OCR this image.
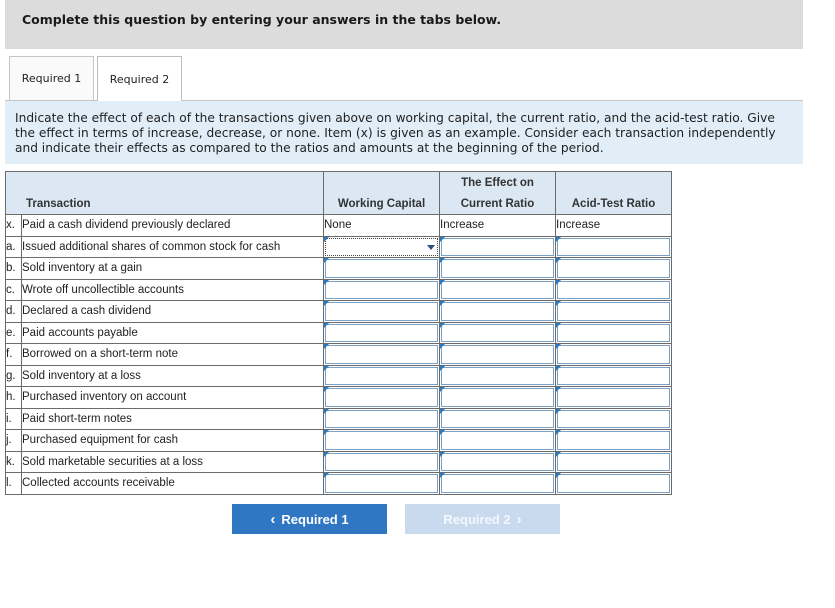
Complete this question by entering your answers in the tabs below.
Required 1	Required 2

Indicate the effect of each of the transactions given above on working capital, the current ratio, and the acid-test ratio. Give the effect in terms of increase, decrease, or none. Item (x) is given as an example. Consider each transaction independently and indicate their effects as compared to the ratios and amounts at the beginning of the period.

			The Effect on	
Transaction		Working Capital	Current Ratio	Acid-Test Ratio
x.	Paid a cash dividend previously declared	None	Increase	Increase
a.	Issued additional shares of common stock for cash	

b.	Sold inventory at a gain	

c.	Wrote off uncollectible accounts	

d.	Declared a cash dividend	

e.	Paid accounts payable	

f.	Borrowed on a short-term note	

g.	Sold inventory at a loss	

h.	Purchased inventory on account	

i.	Paid short-term notes	

j.	Purchased equipment for cash	

k.	Sold marketable securities at a loss	

l.	Collected accounts receivable	

‹ Required 1	Required 2 ›
